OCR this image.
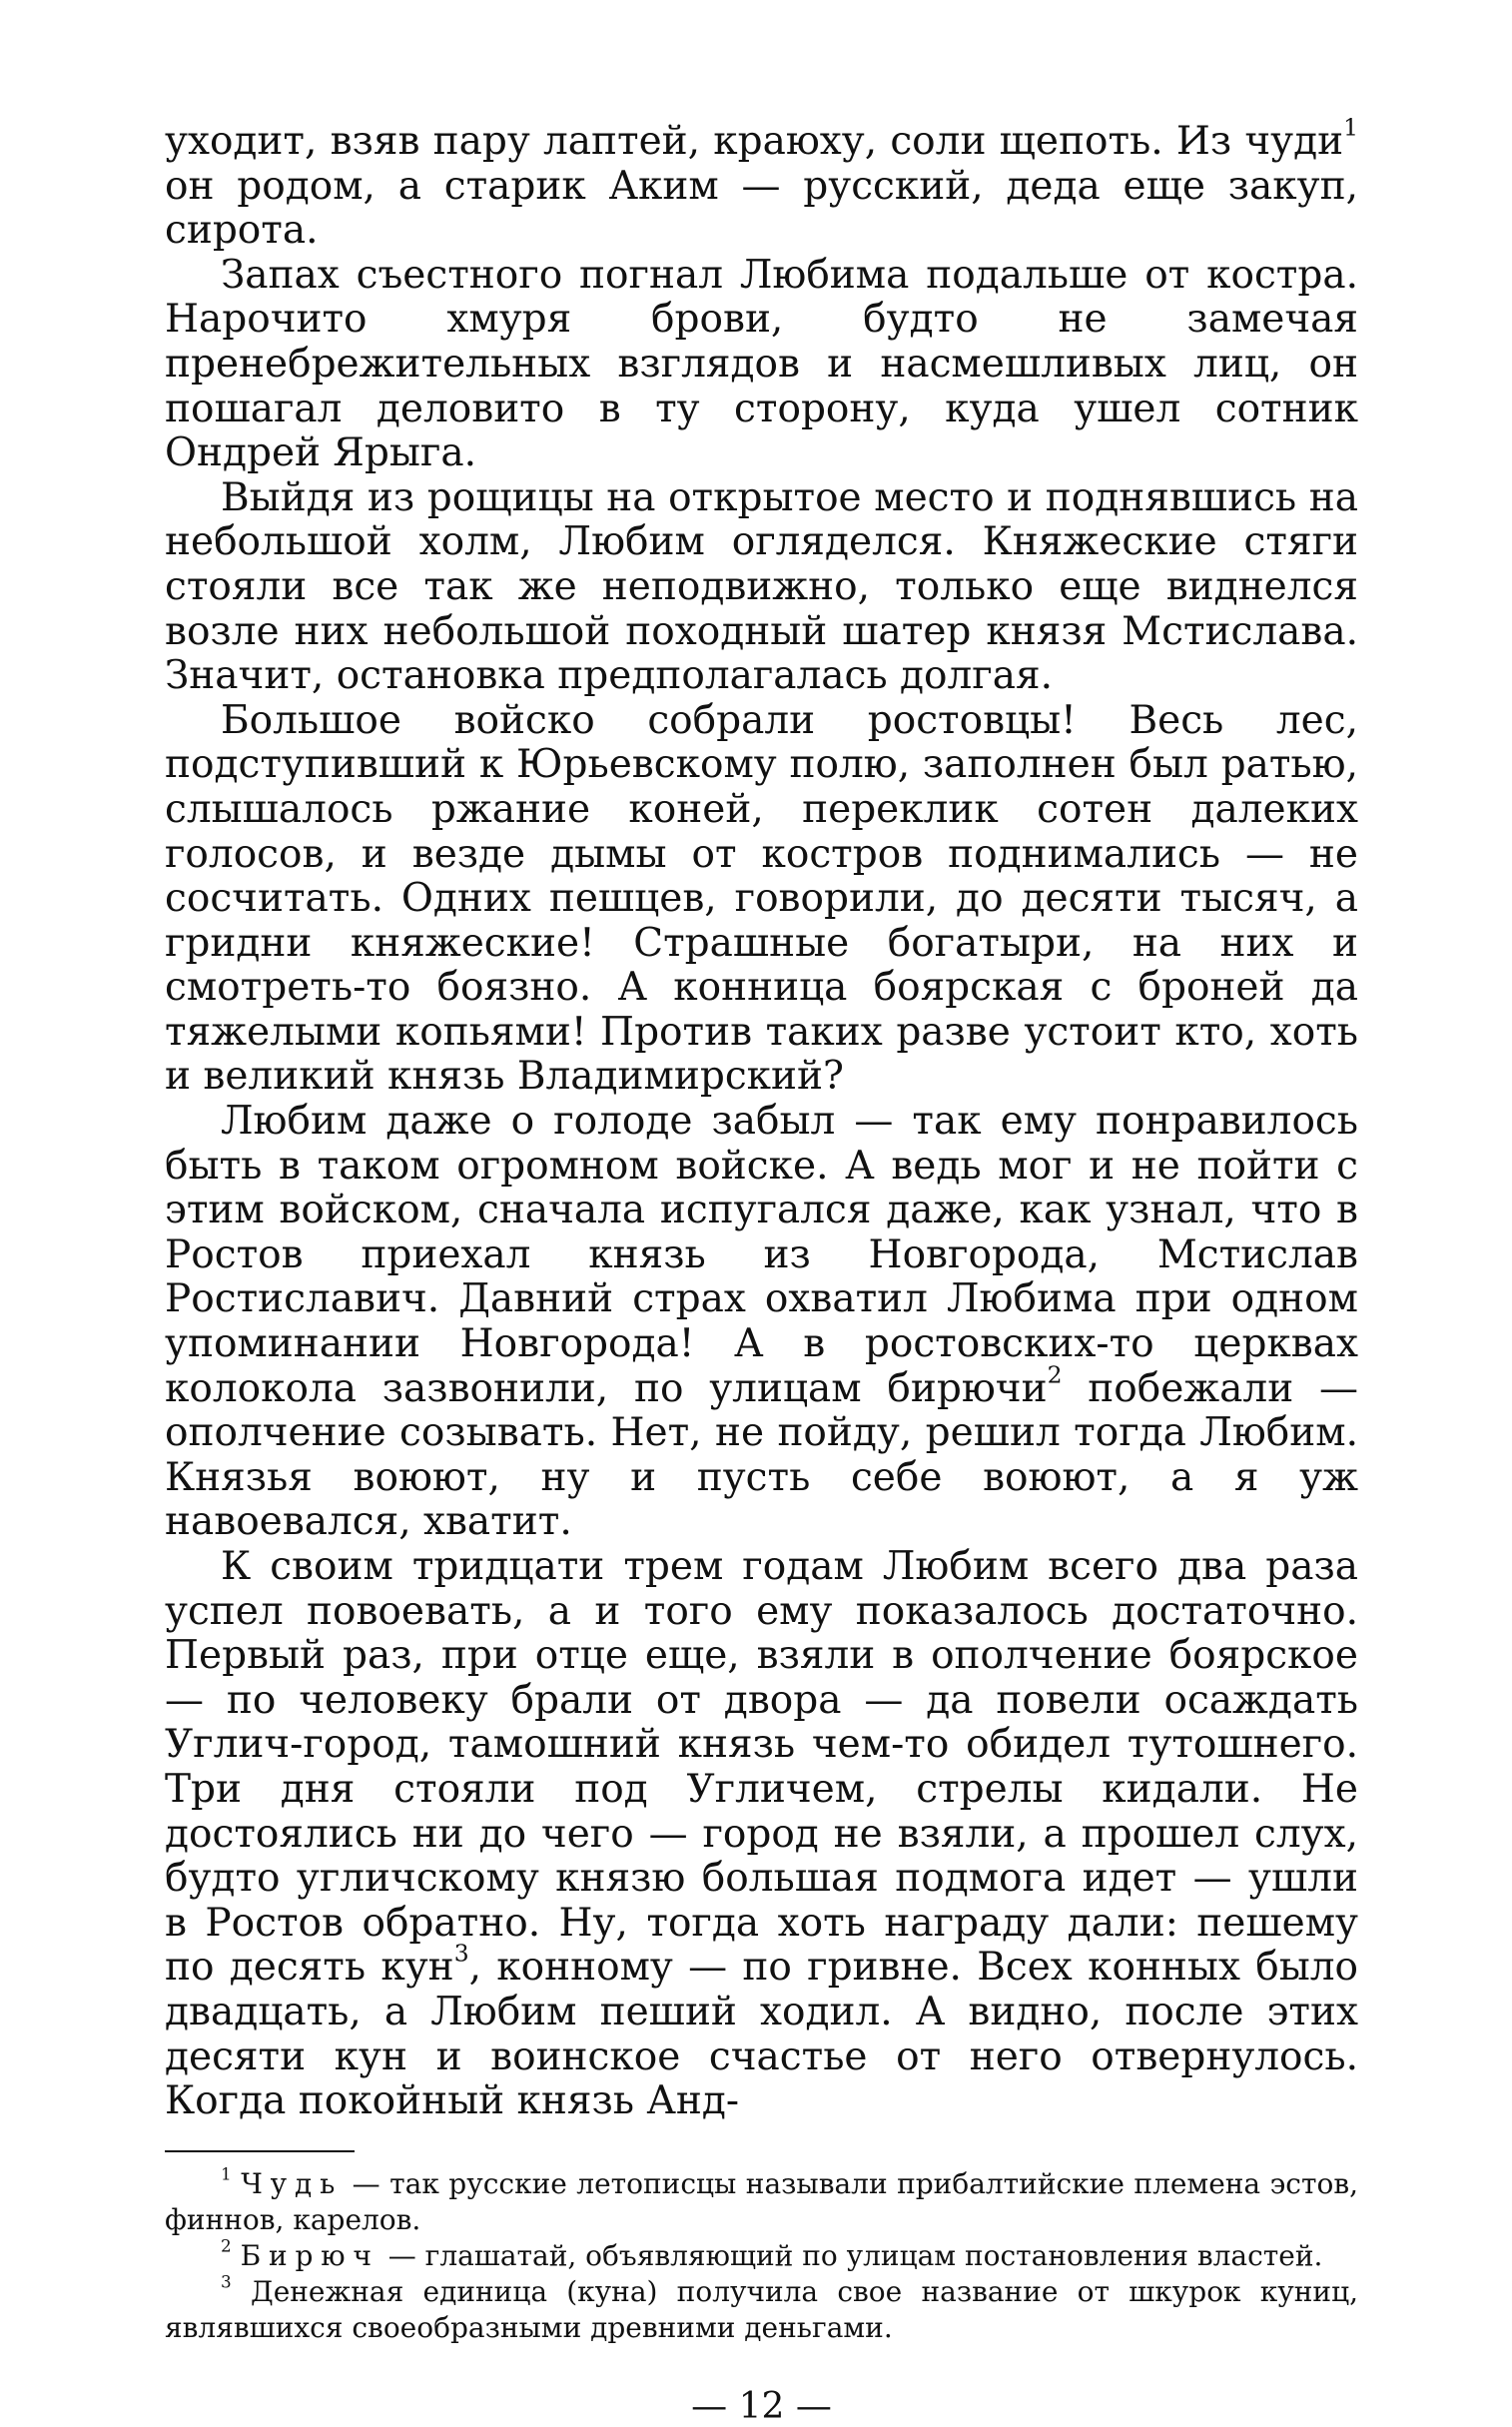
уходит, взяв пару лаптей, краюху, соли щепоть. Из чуди$^1$ он родом, а старик Аким — русский, деда еще закуп, сирота.

Запах съестного погнал Любима подальше от костра. Нарочито хмуря брови, будто не замечая пренебрежительных взглядов и насмешливых лиц, он пошагал деловито в ту сторону, куда ушел сотник Ондрей Ярыга.

Выйдя из рощицы на открытое место и поднявшись на небольшой холм, Любим огляделся. Княжеские стяги стояли все так же неподвижно, только еще виднелся возле них небольшой походный шатер князя Мстислава. Значит, остановка предполагалась долгая.

Большое войско собрали ростовцы! Весь лес, подступивший к Юрьевскому полю, заполнен был ратью, слышалось ржание коней, переклик сотен далеких голосов, и везде дымы от костров поднимались — не сосчитать. Одних пешцев, говорили, до десяти тысяч, а гридни княжеские! Страшные богатыри, на них и смотреть-то боязно. А конница боярская с броней да тяжелыми копьями! Против таких разве устоит кто, хоть и великий князь Владимирский?

Любим даже о голоде забыл — так ему понравилось быть в таком огромном войске. А ведь мог и не пойти с этим войском, сначала испугался даже, как узнал, что в Ростов приехал князь из Новгорода, Мстислав Ростиславич. Давний страх охватил Любима при одном упоминании Новгорода! А в ростовских-то церквах колокола зазвонили, по улицам бирючи$^2$ побежали — ополчение созывать. Нет, не пойду, решил тогда Любим. Князья воюют, ну и пусть себе воюют, а я уж навоевался, хватит.

К своим тридцати трем годам Любим всего два раза успел повоевать, а и того ему показалось достаточно. Первый раз, при отце еще, взяли в ополчение боярское — по человеку брали от двора — да повели осаждать Углич-город, тамошний князь чем-то обидел тутошнего. Три дня стояли под Угличем, стрелы кидали. Не достоялись ни до чего — город не взяли, а прошел слух, будто угличскому князю большая подмога идет — ушли в Ростов обратно. Ну, тогда хоть награду дали: пешему по десять кун$^3$, конному — по гривне. Всех конных было двадцать, а Любим пеший ходил. А видно, после этих десяти кун и воинское счастье от него отвернулось. Когда покойный князь Анд-

$^1$ Чудь — так русские летописцы называли прибалтийские племена эстов, финнов, карелов.

$^2$ Бирюч — глашатай, объявляющий по улицам постановления властей.

$^3$ Денежная единица (куна) получила свое название от шкурок куниц, являвшихся своеобразными древними деньгами.

— 12 —
